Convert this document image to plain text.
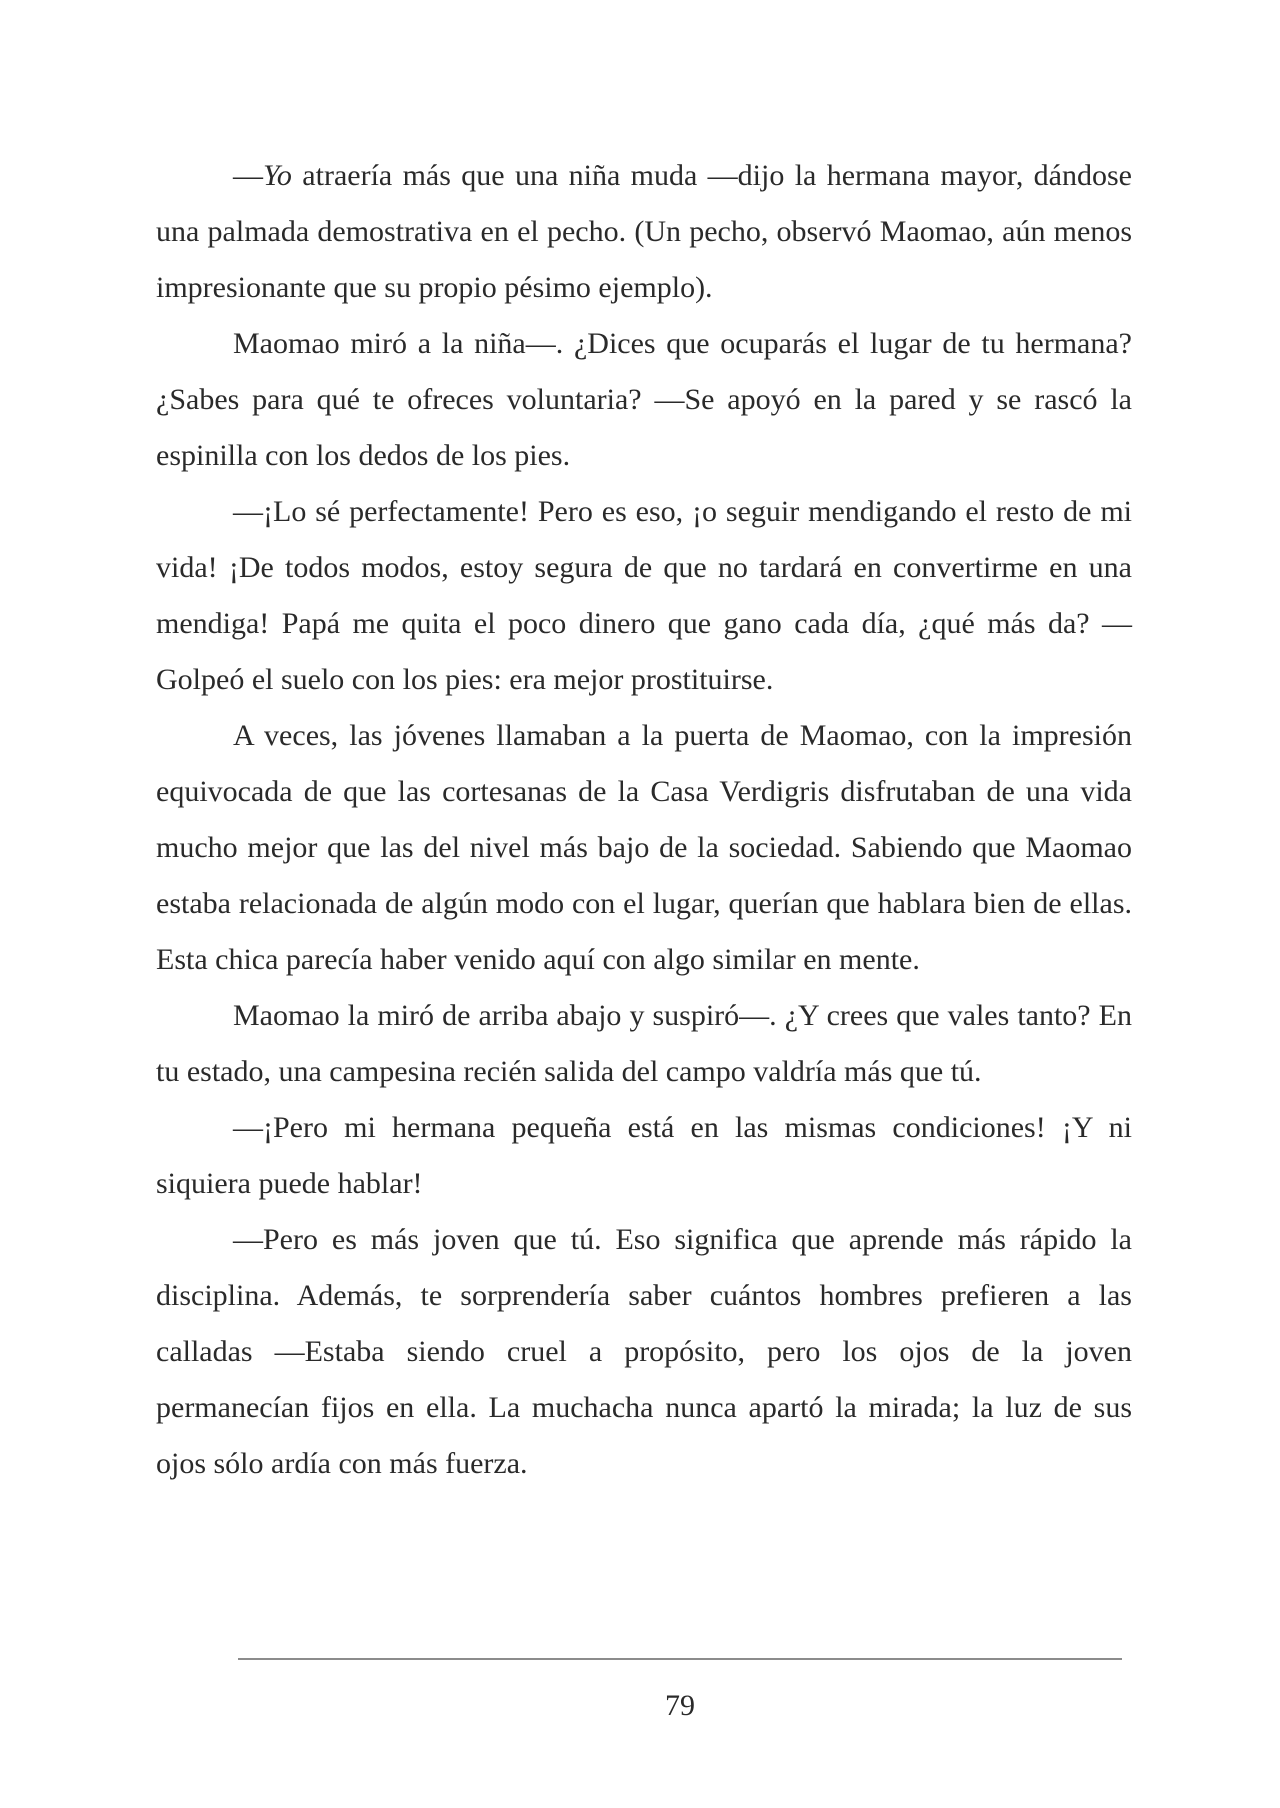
—Yo atraería más que una niña muda —dijo la hermana mayor, dándose una palmada demostrativa en el pecho. (Un pecho, observó Maomao, aún menos impresionante que su propio pésimo ejemplo).

Maomao miró a la niña—. ¿Dices que ocuparás el lugar de tu hermana? ¿Sabes para qué te ofreces voluntaria? —Se apoyó en la pared y se rascó la espinilla con los dedos de los pies.

—¡Lo sé perfectamente! Pero es eso, ¡o seguir mendigando el resto de mi vida! ¡De todos modos, estoy segura de que no tardará en convertirme en una mendiga! Papá me quita el poco dinero que gano cada día, ¿qué más da? —Golpeó el suelo con los pies: era mejor prostituirse.

A veces, las jóvenes llamaban a la puerta de Maomao, con la impresión equivocada de que las cortesanas de la Casa Verdigris disfrutaban de una vida mucho mejor que las del nivel más bajo de la sociedad. Sabiendo que Maomao estaba relacionada de algún modo con el lugar, querían que hablara bien de ellas. Esta chica parecía haber venido aquí con algo similar en mente.

Maomao la miró de arriba abajo y suspiró—. ¿Y crees que vales tanto? En tu estado, una campesina recién salida del campo valdría más que tú.

—¡Pero mi hermana pequeña está en las mismas condiciones! ¡Y ni siquiera puede hablar!

—Pero es más joven que tú. Eso significa que aprende más rápido la disciplina. Además, te sorprendería saber cuántos hombres prefieren a las calladas —Estaba siendo cruel a propósito, pero los ojos de la joven permanecían fijos en ella. La muchacha nunca apartó la mirada; la luz de sus ojos sólo ardía con más fuerza.

79
